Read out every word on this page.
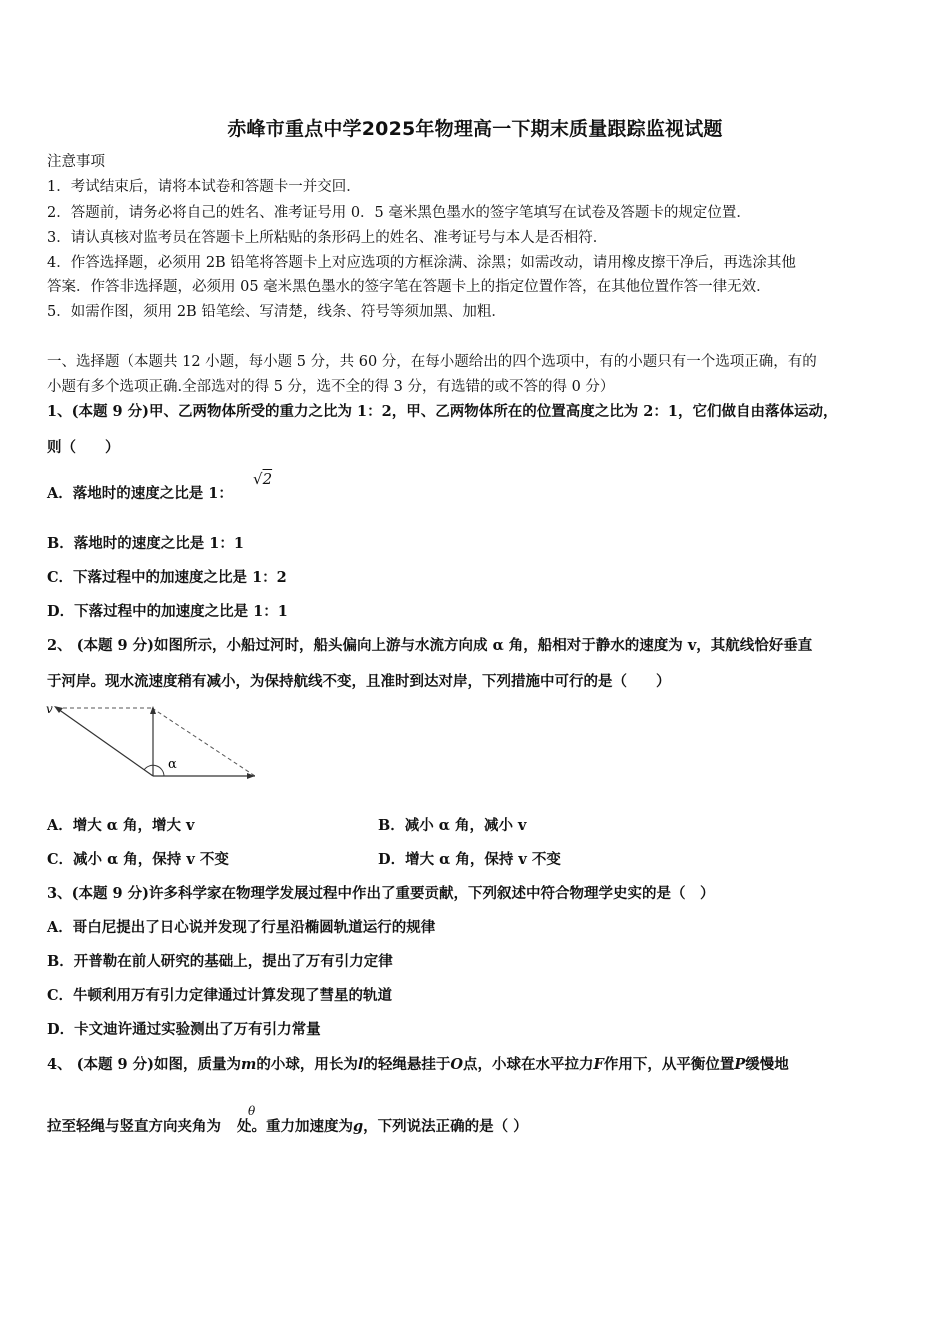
赤峰市重点中学2025年物理高一下期末质量跟踪监视试题
注意事项
1．考试结束后，请将本试卷和答题卡一并交回．
2．答题前，请务必将自己的姓名、准考证号用 0．5 毫米黑色墨水的签字笔填写在试卷及答题卡的规定位置．
3．请认真核对监考员在答题卡上所粘贴的条形码上的姓名、准考证号与本人是否相符．
4．作答选择题，必须用 2B 铅笔将答题卡上对应选项的方框涂满、涂黑；如需改动，请用橡皮擦干净后，再选涂其他
答案．作答非选择题，必须用 05 毫米黑色墨水的签字笔在答题卡上的指定位置作答，在其他位置作答一律无效．
5．如需作图，须用 2B 铅笔绘、写清楚，线条、符号等须加黑、加粗．
一、选择题（本题共 12 小题，每小题 5 分，共 60 分，在每小题给出的四个选项中，有的小题只有一个选项正确，有的
小题有多个选项正确.全部选对的得 5 分，选不全的得 3 分，有选错的或不答的得 0 分）
1、(本题 9 分)甲、乙两物体所受的重力之比为 1：2，甲、乙两物体所在的位置高度之比为 2：1，它们做自由落体运动，
则（　　）
A．落地时的速度之比是 1：
√2
B．落地时的速度之比是 1：1
C．下落过程中的加速度之比是 1：2
D．下落过程中的加速度之比是 1：1
2、 (本题 9 分)如图所示，小船过河时，船头偏向上游与水流方向成 α 角，船相对于静水的速度为 v，其航线恰好垂直
于河岸。现水流速度稍有减小，为保持航线不变，且准时到达对岸，下列措施中可行的是（　　）
v
α
A．增大 α 角，增大 v	B．减小 α 角，减小 v
C．减小 α 角，保持 v 不变	D．增大 α 角，保持 v 不变
3、(本题 9 分)许多科学家在物理学发展过程中作出了重要贡献，下列叙述中符合物理学史实的是（　）
A．哥白尼提出了日心说并发现了行星沿椭圆轨道运行的规律
B．开普勒在前人研究的基础上，提出了万有引力定律
C．牛顿利用万有引力定律通过计算发现了彗星的轨道
D．卡文迪许通过实验测出了万有引力常量
4、 (本题 9 分)如图，质量为m的小球，用长为l的轻绳悬挂于O点，小球在水平拉力F作用下，从平衡位置P缓慢地
拉至轻绳与竖直方向夹角为 处。重力加速度为g，下列说法正确的是（ ）
θ
